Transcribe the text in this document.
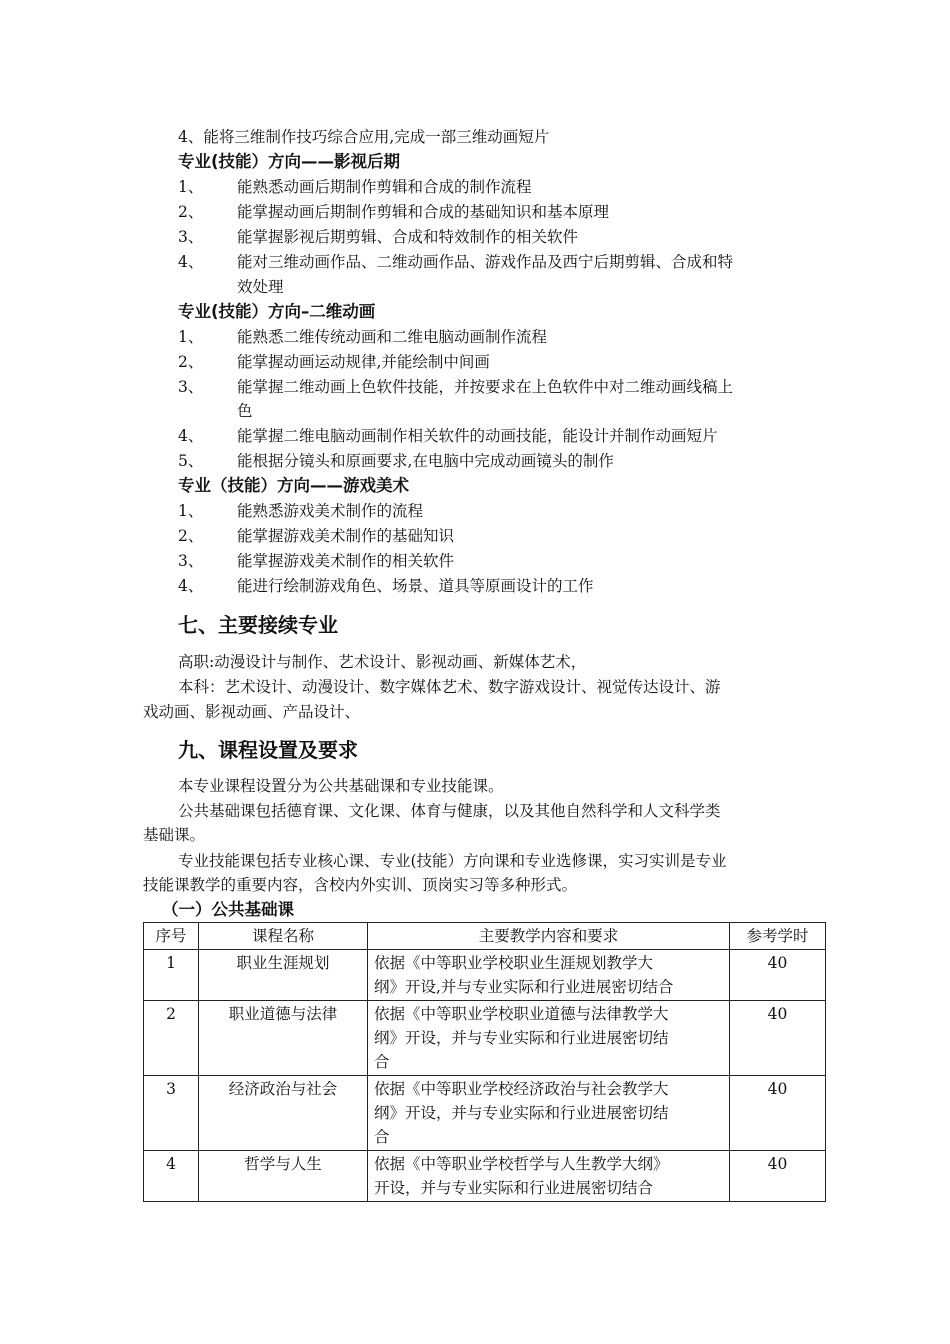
4、能将三维制作技巧综合应用,完成一部三维动画短片
专业(技能）方向——影视后期
1、 能熟悉动画后期制作剪辑和合成的制作流程
2、 能掌握动画后期制作剪辑和合成的基础知识和基本原理
3、 能掌握影视后期剪辑、合成和特效制作的相关软件
4、 能对三维动画作品、二维动画作品、游戏作品及西宁后期剪辑、合成和特
效处理
专业(技能）方向–二维动画
1、 能熟悉二维传统动画和二维电脑动画制作流程
2、 能掌握动画运动规律,并能绘制中间画
3、 能掌握二维动画上色软件技能，并按要求在上色软件中对二维动画线稿上
色
4、 能掌握二维电脑动画制作相关软件的动画技能，能设计并制作动画短片
5、 能根据分镜头和原画要求,在电脑中完成动画镜头的制作
专业（技能）方向——游戏美术
1、 能熟悉游戏美术制作的流程
2、 能掌握游戏美术制作的基础知识
3、 能掌握游戏美术制作的相关软件
4、 能进行绘制游戏角色、场景、道具等原画设计的工作
七、主要接续专业
高职:动漫设计与制作、艺术设计、影视动画、新媒体艺术，
本科：艺术设计、动漫设计、数字媒体艺术、数字游戏设计、视觉传达设计、游
戏动画、影视动画、产品设计、
九、课程设置及要求
本专业课程设置分为公共基础课和专业技能课。
公共基础课包括德育课、文化课、体育与健康，以及其他自然科学和人文科学类
基础课。
专业技能课包括专业核心课、专业(技能）方向课和专业选修课，实习实训是专业
技能课教学的重要内容，含校内外实训、顶岗实习等多种形式。
（一）公共基础课
序号	课程名称	主要教学内容和要求	参考学时
1	职业生涯规划	依据《中等职业学校职业生涯规划教学大
纲》开设,并与专业实际和行业进展密切结合	40
2	职业道德与法律	依据《中等职业学校职业道德与法律教学大
纲》开设，并与专业实际和行业进展密切结
合	40
3	经济政治与社会	依据《中等职业学校经济政治与社会教学大
纲》开设，并与专业实际和行业进展密切结
合	40
4	哲学与人生	依据《中等职业学校哲学与人生教学大纲》
开设，并与专业实际和行业进展密切结合	40
